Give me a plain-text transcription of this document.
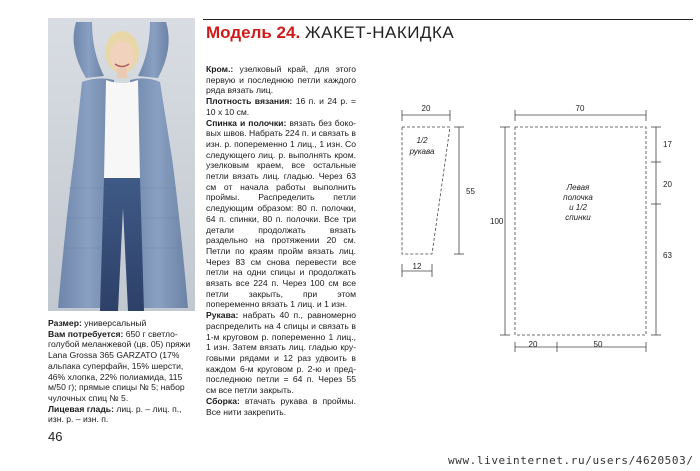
Модель 24. ЖАКЕТ-НАКИДКА

Кром.: узелковый край, для этого первую и последнюю петли каждого ряда вязать лиц.

Плотность вязания: 16 п. и 24 р. = 10 х 10 см.

Спинка и полочки: вязать без боковых швов. Набрать 224 п. и связать в изн. р. попеременно 1 лиц., 1 изн. Со следующего лиц. р. выполнять кром. узелковым краем, все остальные петли вязать лиц. гладью. Через 63 см от начала работы выполнить проймы. Распределить петли следующим образом: 80 п. полочки, 64 п. спинки, 80 п. полочки. Все три детали продолжать вязать раздельно на протяжении 20 см. Петли по краям пройм вязать лиц. Через 83 см снова перевести все петли на одни спицы и продолжать вязать все 224 п. Через 100 см все петли закрыть, при этом попеременно вязать 1 лиц. и 1 изн.

Рукава: набрать 40 п., равномерно распределить на 4 спицы и связать в 1-м круговом р. попеременно 1 лиц., 1 изн. Затем вязать лиц. гладью круговыми рядами и 12 раз удвоить в каждом 6-м круговом р. 2-ю и предпоследнюю петли = 64 п. Через 55 см все петли закрыть.

Сборка: втачать рукава в проймы. Все нити закрепить.

Размер: универсальный

Вам потребуется: 650 г светло-голубой меланжевой (цв. 05) пряжи Lana Grossa 365 GARZATO (17% альпака суперфайн, 15% шерсти, 46% хлопка, 22% полиамида, 115 м/50 г); прямые спицы № 5; набор чулочных спиц № 5.

Лицевая гладь: лиц. р. – лиц. п., изн. р. – изн. п.

46
20
1/2
рукава
55
12
70
100
17
20
63
20	50
Левая
полочка
и 1/2
спинки
www.liveinternet.ru/users/4620503/
